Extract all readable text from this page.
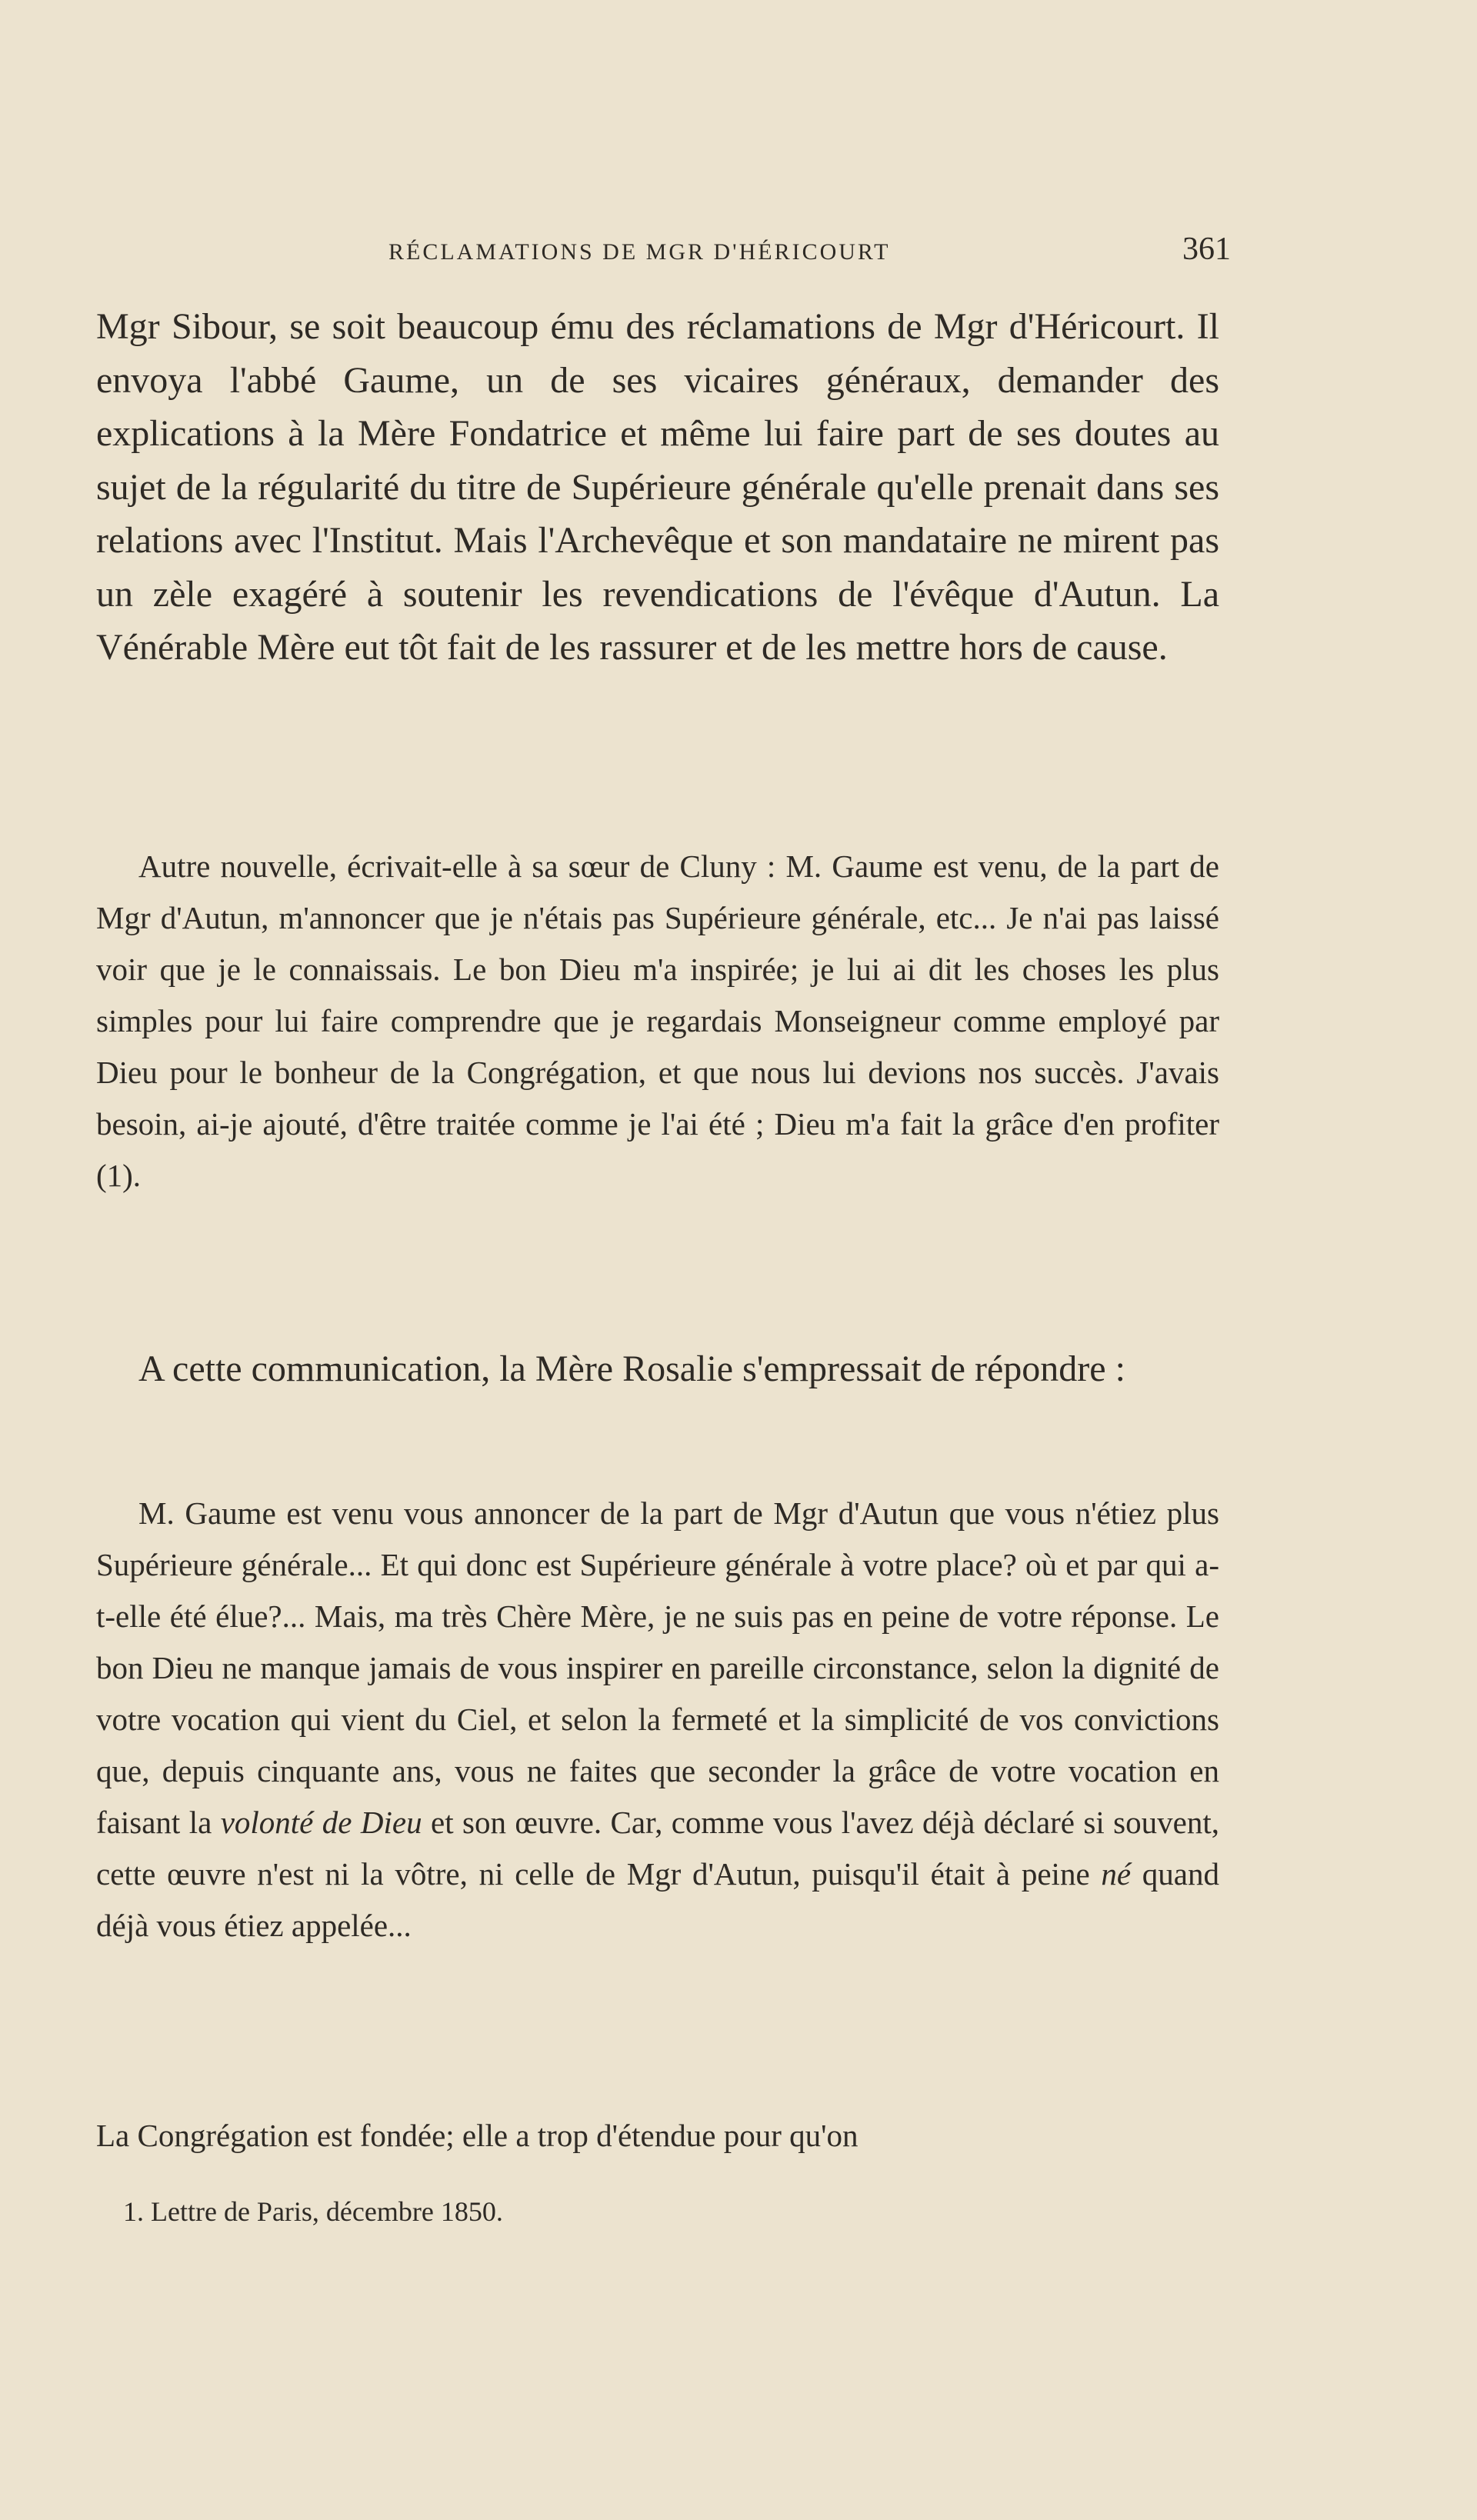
RÉCLAMATIONS DE MGR D'HÉRICOURT	361

Mgr Sibour, se soit beaucoup ému des réclamations de Mgr d'Héricourt. Il envoya l'abbé Gaume, un de ses vicaires généraux, demander des explications à la Mère Fondatrice et même lui faire part de ses doutes au sujet de la régularité du titre de Supérieure générale qu'elle prenait dans ses relations avec l'Institut. Mais l'Archevêque et son mandataire ne mirent pas un zèle exagéré à soutenir les revendications de l'évêque d'Autun. La Vénérable Mère eut tôt fait de les rassurer et de les mettre hors de cause.

Autre nouvelle, écrivait-elle à sa sœur de Cluny : M. Gaume est venu, de la part de Mgr d'Autun, m'annoncer que je n'étais pas Supérieure générale, etc... Je n'ai pas laissé voir que je le connaissais. Le bon Dieu m'a inspirée; je lui ai dit les choses les plus simples pour lui faire comprendre que je regardais Monseigneur comme employé par Dieu pour le bonheur de la Congrégation, et que nous lui devions nos succès. J'avais besoin, ai-je ajouté, d'être traitée comme je l'ai été ; Dieu m'a fait la grâce d'en profiter (1).

A cette communication, la Mère Rosalie s'empressait de répondre :

M. Gaume est venu vous annoncer de la part de Mgr d'Autun que vous n'étiez plus Supérieure générale... Et qui donc est Supérieure générale à votre place? où et par qui a-t-elle été élue?... Mais, ma très Chère Mère, je ne suis pas en peine de votre réponse. Le bon Dieu ne manque jamais de vous inspirer en pareille circonstance, selon la dignité de votre vocation qui vient du Ciel, et selon la fermeté et la simplicité de vos convictions que, depuis cinquante ans, vous ne faites que seconder la grâce de votre vocation en faisant la volonté de Dieu et son œuvre. Car, comme vous l'avez déjà déclaré si souvent, cette œuvre n'est ni la vôtre, ni celle de Mgr d'Autun, puisqu'il était à peine né quand déjà vous étiez appelée...

La Congrégation est fondée; elle a trop d'étendue pour qu'on

1. Lettre de Paris, décembre 1850.
